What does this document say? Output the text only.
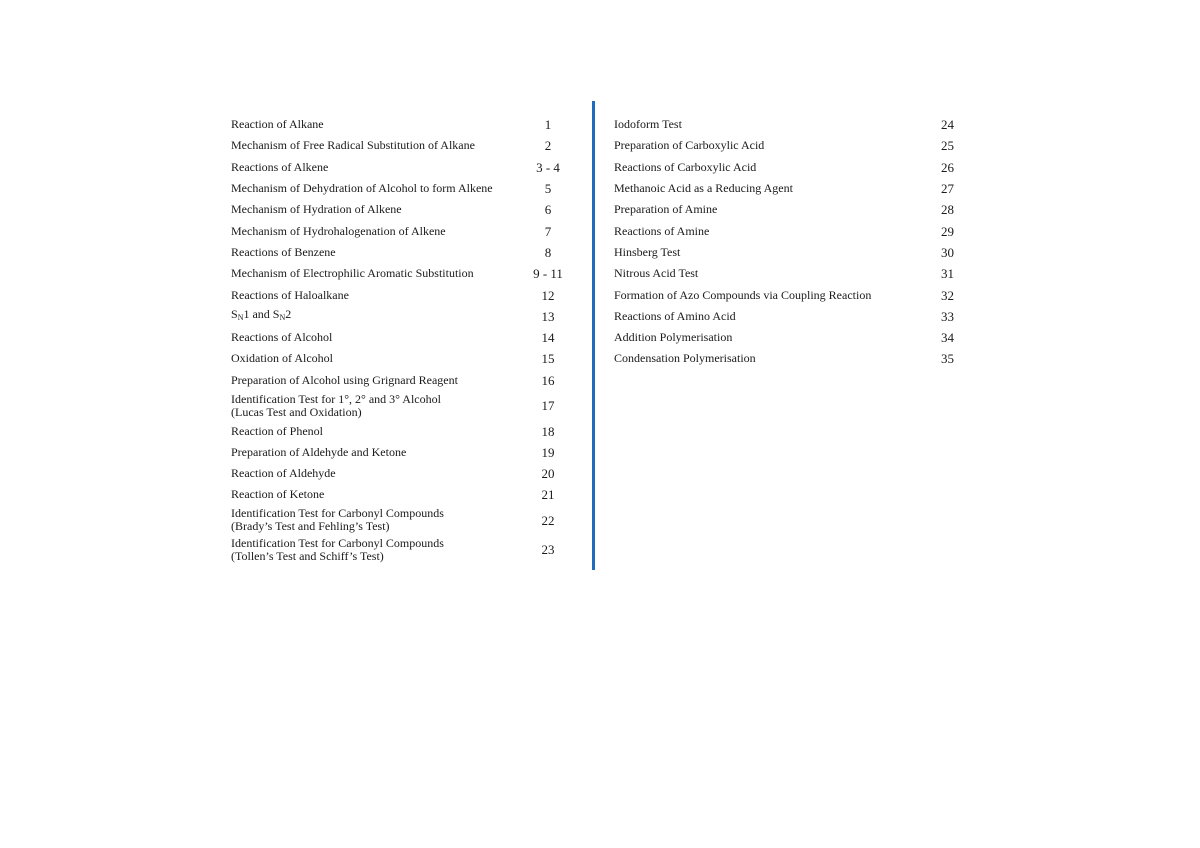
Reaction of Alkane	1
Mechanism of Free Radical Substitution of Alkane	2
Reactions of Alkene	3 - 4
Mechanism of Dehydration of Alcohol to form Alkene	5
Mechanism of Hydration of Alkene	6
Mechanism of Hydrohalogenation of Alkene	7
Reactions of Benzene	8
Mechanism of Electrophilic Aromatic Substitution	9 - 11
Reactions of Haloalkane	12
$S_N1$ and $S_N2$	13
Reactions of Alcohol	14
Oxidation of Alcohol	15
Preparation of Alcohol using Grignard Reagent	16
Identification Test for 1°, 2° and 3° Alcohol
(Lucas Test and Oxidation)	17
Reaction of Phenol	18
Preparation of Aldehyde and Ketone	19
Reaction of Aldehyde	20
Reaction of Ketone	21
Identification Test for Carbonyl Compounds
(Brady’s Test and Fehling’s Test)	22
Identification Test for Carbonyl Compounds
(Tollen’s Test and Schiff’s Test)	23
Iodoform Test	24
Preparation of Carboxylic Acid	25
Reactions of Carboxylic Acid	26
Methanoic Acid as a Reducing Agent	27
Preparation of Amine	28
Reactions of Amine	29
Hinsberg Test	30
Nitrous Acid Test	31
Formation of Azo Compounds via Coupling Reaction	32
Reactions of Amino Acid	33
Addition Polymerisation	34
Condensation Polymerisation	35
